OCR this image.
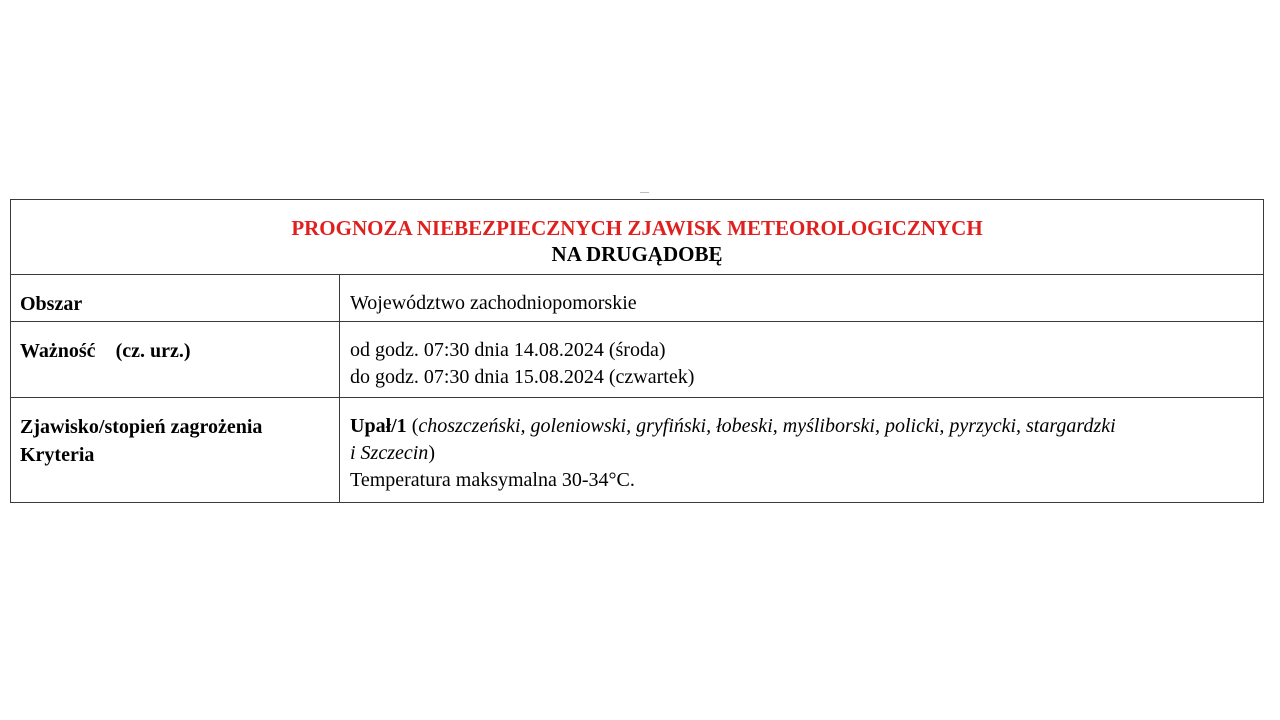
PROGNOZA NIEBEZPIECZNYCH ZJAWISK METEOROLOGICZNYCH
NA DRUGĄDOBĘ
Obszar	Województwo zachodniopomorskie
Ważność (cz. urz.)	od godz. 07:30 dnia 14.08.2024 (środa)
do godz. 07:30 dnia 15.08.2024 (czwartek)
Zjawisko/stopień zagrożenia
Kryteria
Upał/1 (choszczeński, goleniowski, gryfiński, łobeski, myśliborski, policki, pyrzycki, stargardzki
i Szczecin)
Temperatura maksymalna 30-34°C.
